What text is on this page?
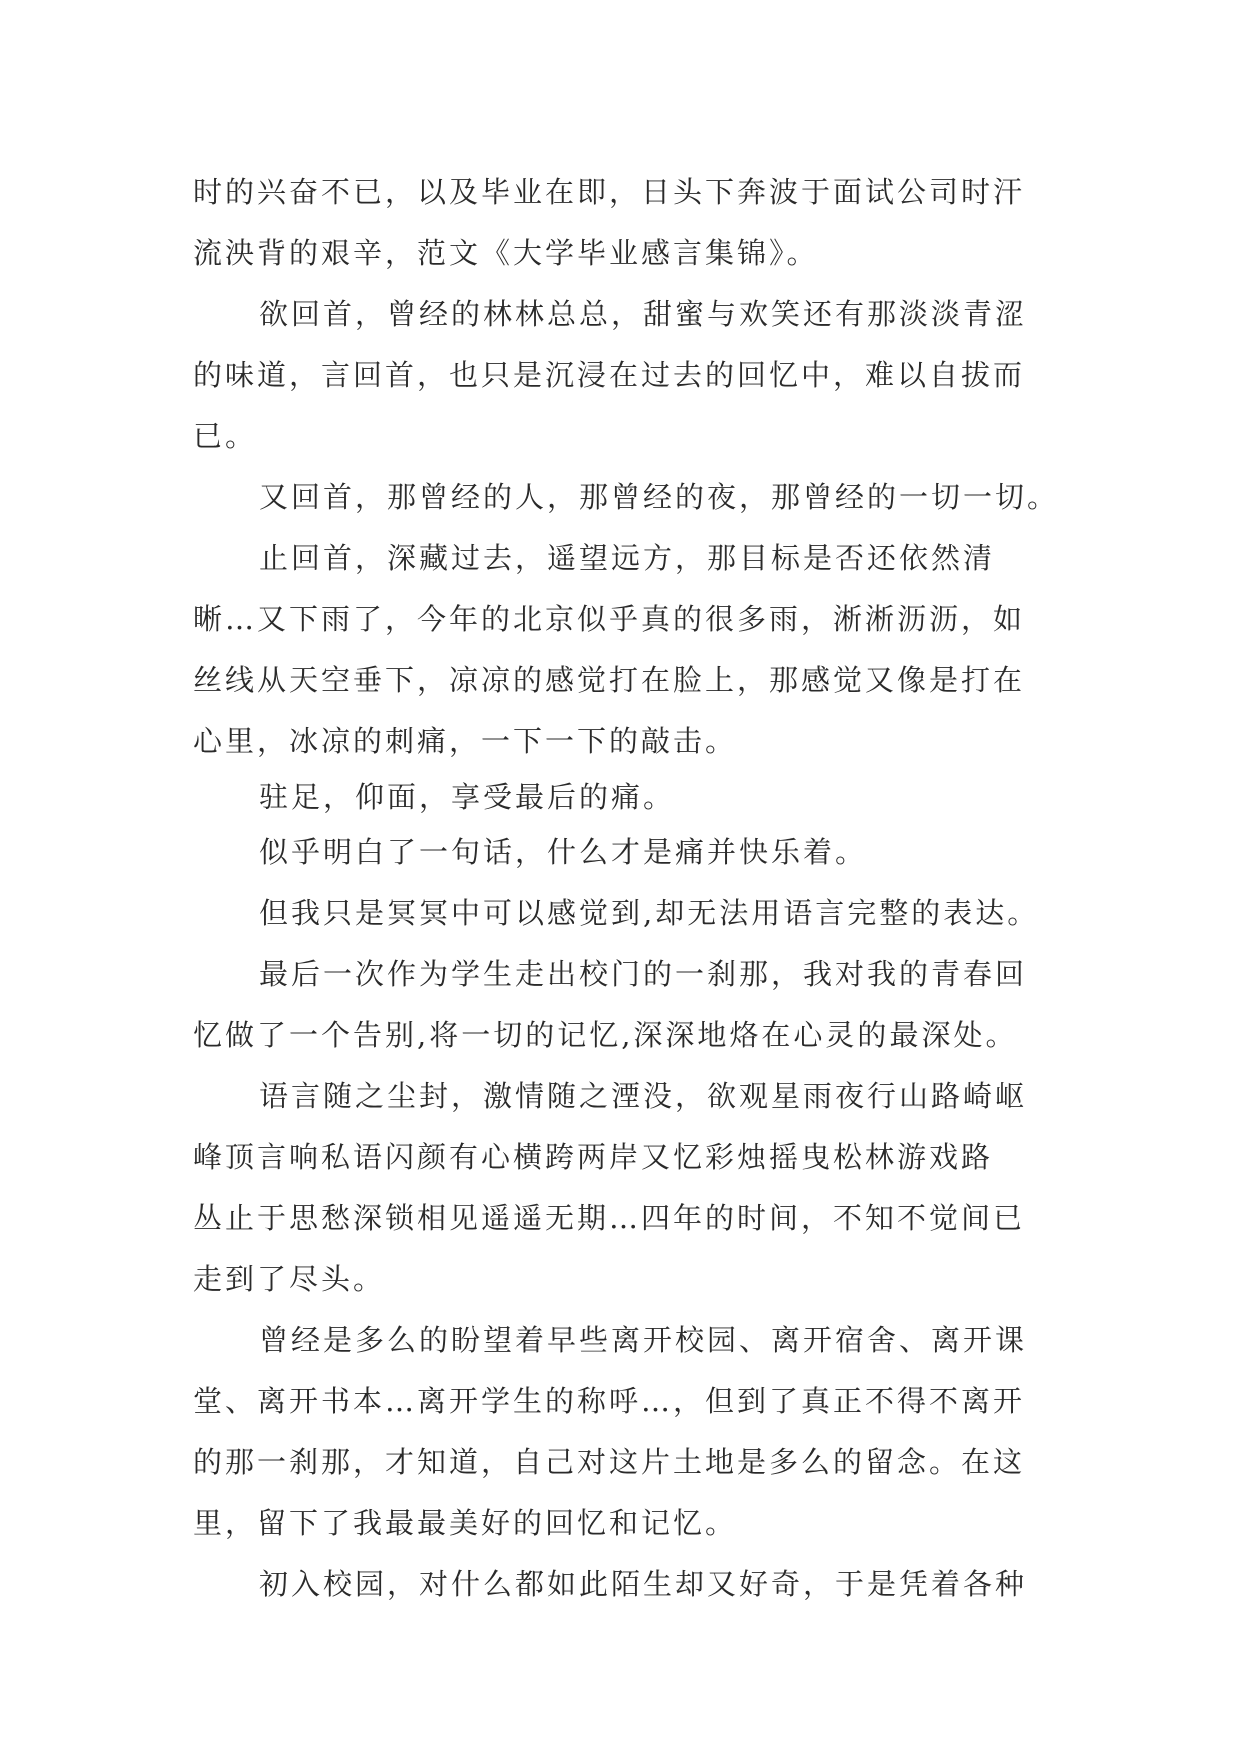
时的兴奋不已，以及毕业在即，日头下奔波于面试公司时汗
流泱背的艰辛，范文《大学毕业感言集锦》。
欲回首，曾经的林林总总，甜蜜与欢笑还有那淡淡青涩
的味道，言回首，也只是沉浸在过去的回忆中，难以自拔而
已。
又回首，那曾经的人，那曾经的夜，那曾经的一切一切。
止回首，深藏过去，遥望远方，那目标是否还依然清
晰…又下雨了，今年的北京似乎真的很多雨，淅淅沥沥，如
丝线从天空垂下，凉凉的感觉打在脸上，那感觉又像是打在
心里，冰凉的刺痛，一下一下的敲击。
驻足，仰面，享受最后的痛。
似乎明白了一句话，什么才是痛并快乐着。
但我只是冥冥中可以感觉到,却无法用语言完整的表达。
最后一次作为学生走出校门的一刹那，我对我的青春回
忆做了一个告别,将一切的记忆,深深地烙在心灵的最深处。
语言随之尘封，激情随之湮没，欲观星雨夜行山路崎岖
峰顶言响私语闪颜有心横跨两岸又忆彩烛摇曳松林游戏路
丛止于思愁深锁相见遥遥无期…四年的时间，不知不觉间已
走到了尽头。
曾经是多么的盼望着早些离开校园、离开宿舍、离开课
堂、离开书本…离开学生的称呼…，但到了真正不得不离开
的那一刹那，才知道，自己对这片土地是多么的留念。在这
里，留下了我最最美好的回忆和记忆。
初入校园，对什么都如此陌生却又好奇，于是凭着各种
